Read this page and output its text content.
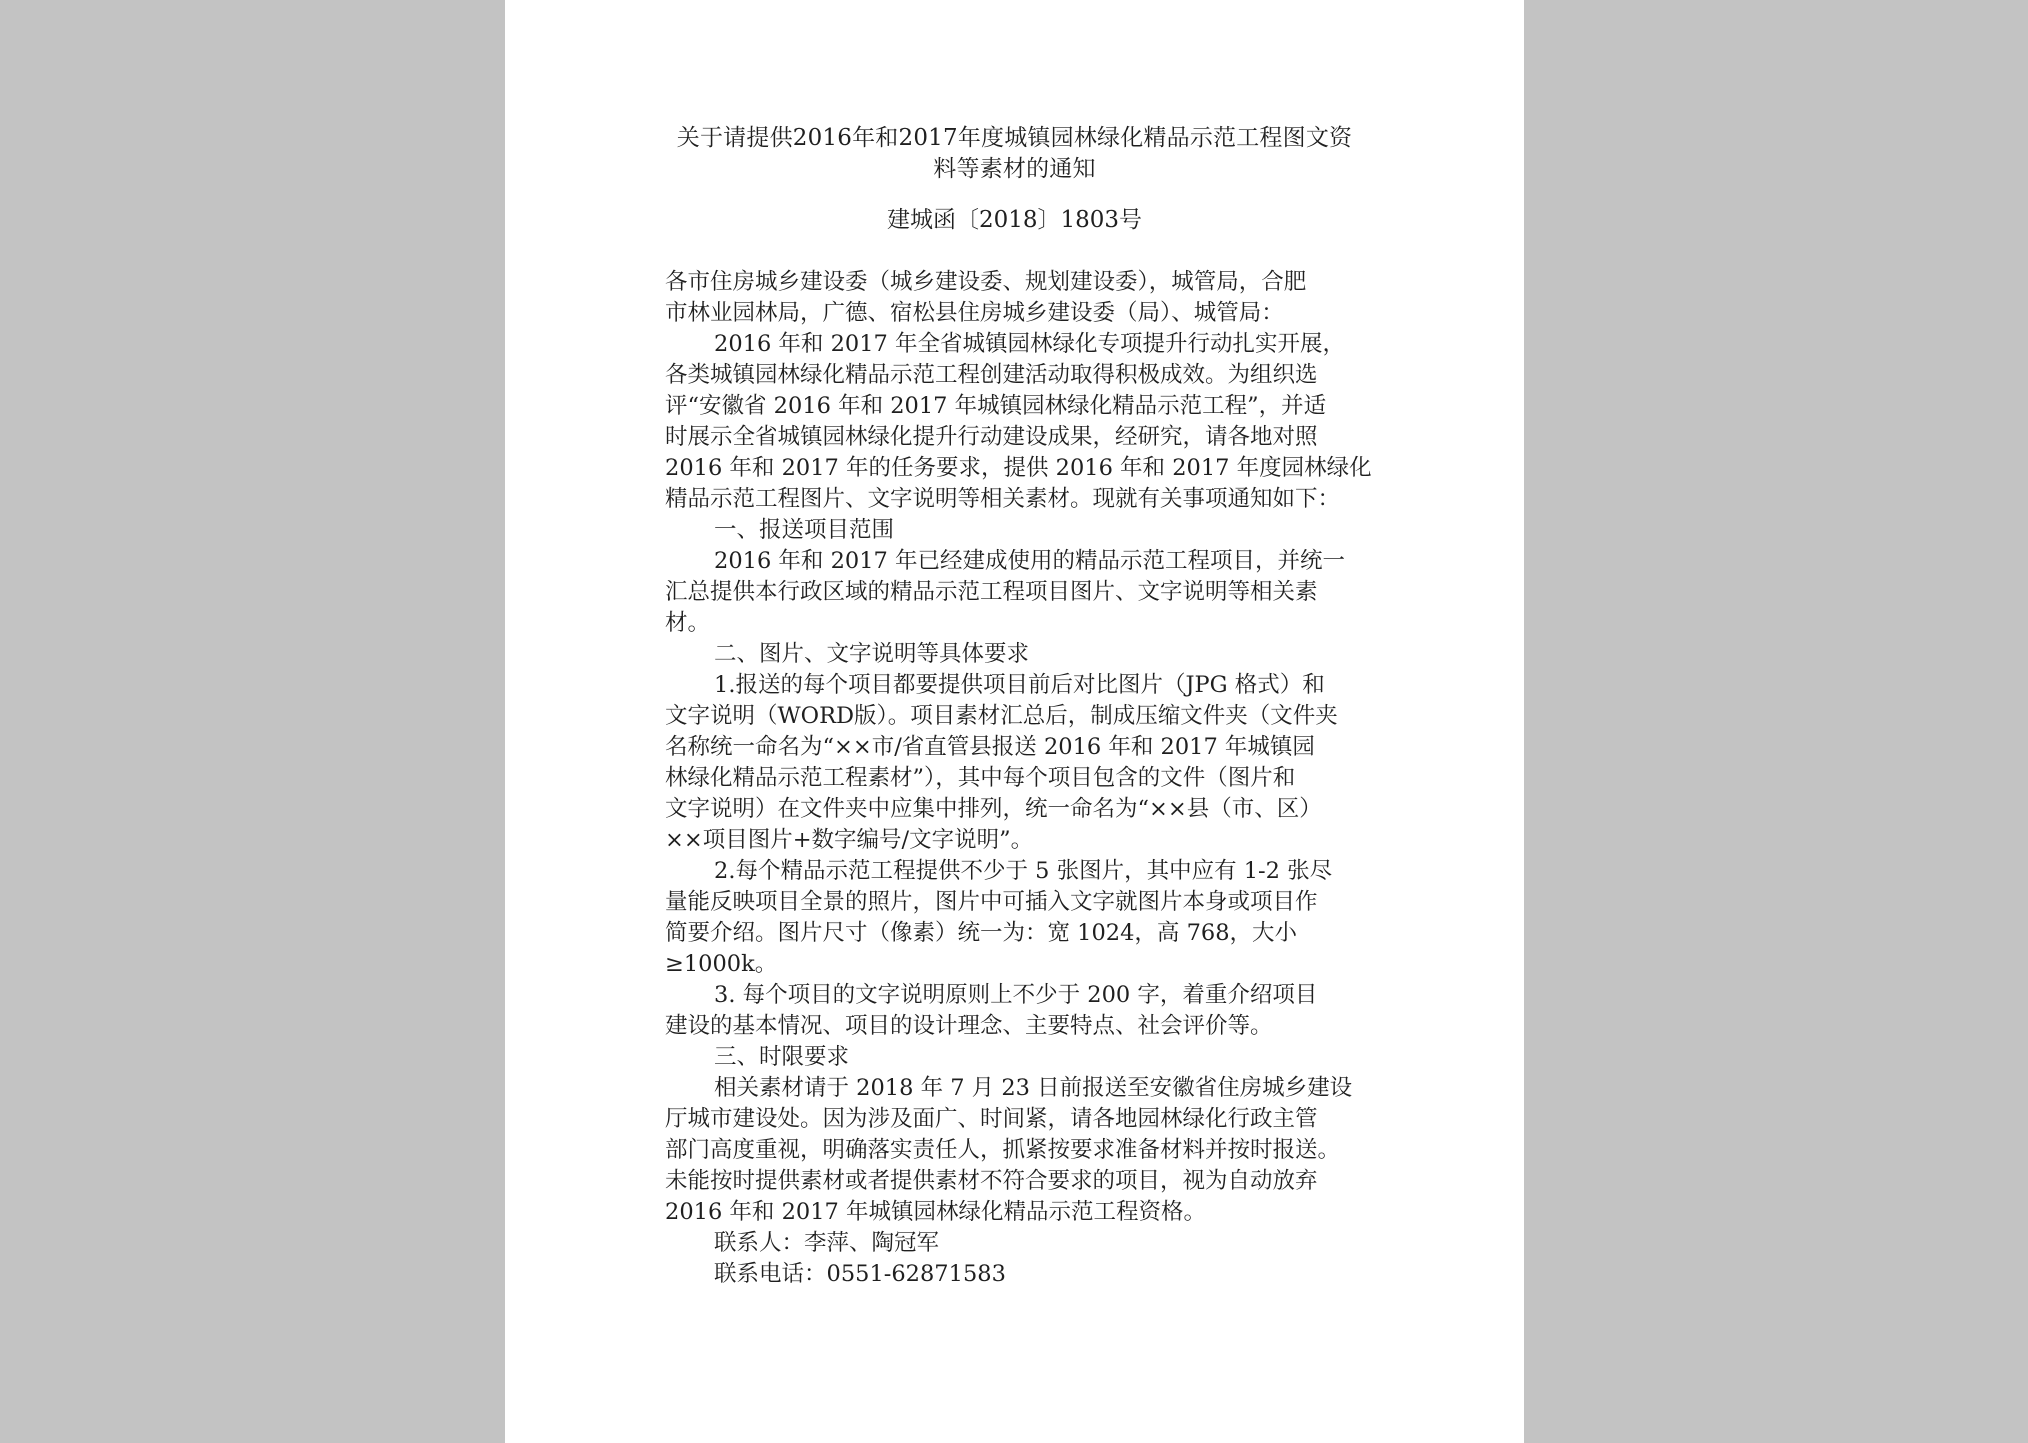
关于请提供2016年和2017年度城镇园林绿化精品示范工程图文资
料等素材的通知
建城函〔2018〕1803号
各市住房城乡建设委（城乡建设委、规划建设委），城管局，合肥
市林业园林局，广德、宿松县住房城乡建设委（局）、城管局：
2016 年和 2017 年全省城镇园林绿化专项提升行动扎实开展，
各类城镇园林绿化精品示范工程创建活动取得积极成效。为组织选
评“安徽省 2016 年和 2017 年城镇园林绿化精品示范工程”，并适
时展示全省城镇园林绿化提升行动建设成果，经研究，请各地对照
2016 年和 2017 年的任务要求，提供 2016 年和 2017 年度园林绿化
精品示范工程图片、文字说明等相关素材。现就有关事项通知如下：
一、报送项目范围
2016 年和 2017 年已经建成使用的精品示范工程项目，并统一
汇总提供本行政区域的精品示范工程项目图片、文字说明等相关素
材。
二、图片、文字说明等具体要求
1.报送的每个项目都要提供项目前后对比图片（JPG 格式）和
文字说明（WORD版）。项目素材汇总后，制成压缩文件夹（文件夹
名称统一命名为“××市/省直管县报送 2016 年和 2017 年城镇园
林绿化精品示范工程素材”），其中每个项目包含的文件（图片和
文字说明）在文件夹中应集中排列，统一命名为“××县（市、区）
××项目图片+数字编号/文字说明”。
2.每个精品示范工程提供不少于 5 张图片，其中应有 1-2 张尽
量能反映项目全景的照片，图片中可插入文字就图片本身或项目作
简要介绍。图片尺寸（像素）统一为：宽 1024，高 768，大小
≥1000k。
3. 每个项目的文字说明原则上不少于 200 字，着重介绍项目
建设的基本情况、项目的设计理念、主要特点、社会评价等。
三、时限要求
相关素材请于 2018 年 7 月 23 日前报送至安徽省住房城乡建设
厅城市建设处。因为涉及面广、时间紧，请各地园林绿化行政主管
部门高度重视，明确落实责任人，抓紧按要求准备材料并按时报送。
未能按时提供素材或者提供素材不符合要求的项目，视为自动放弃
2016 年和 2017 年城镇园林绿化精品示范工程资格。
联系人：李萍、陶冠军
联系电话：0551-62871583
